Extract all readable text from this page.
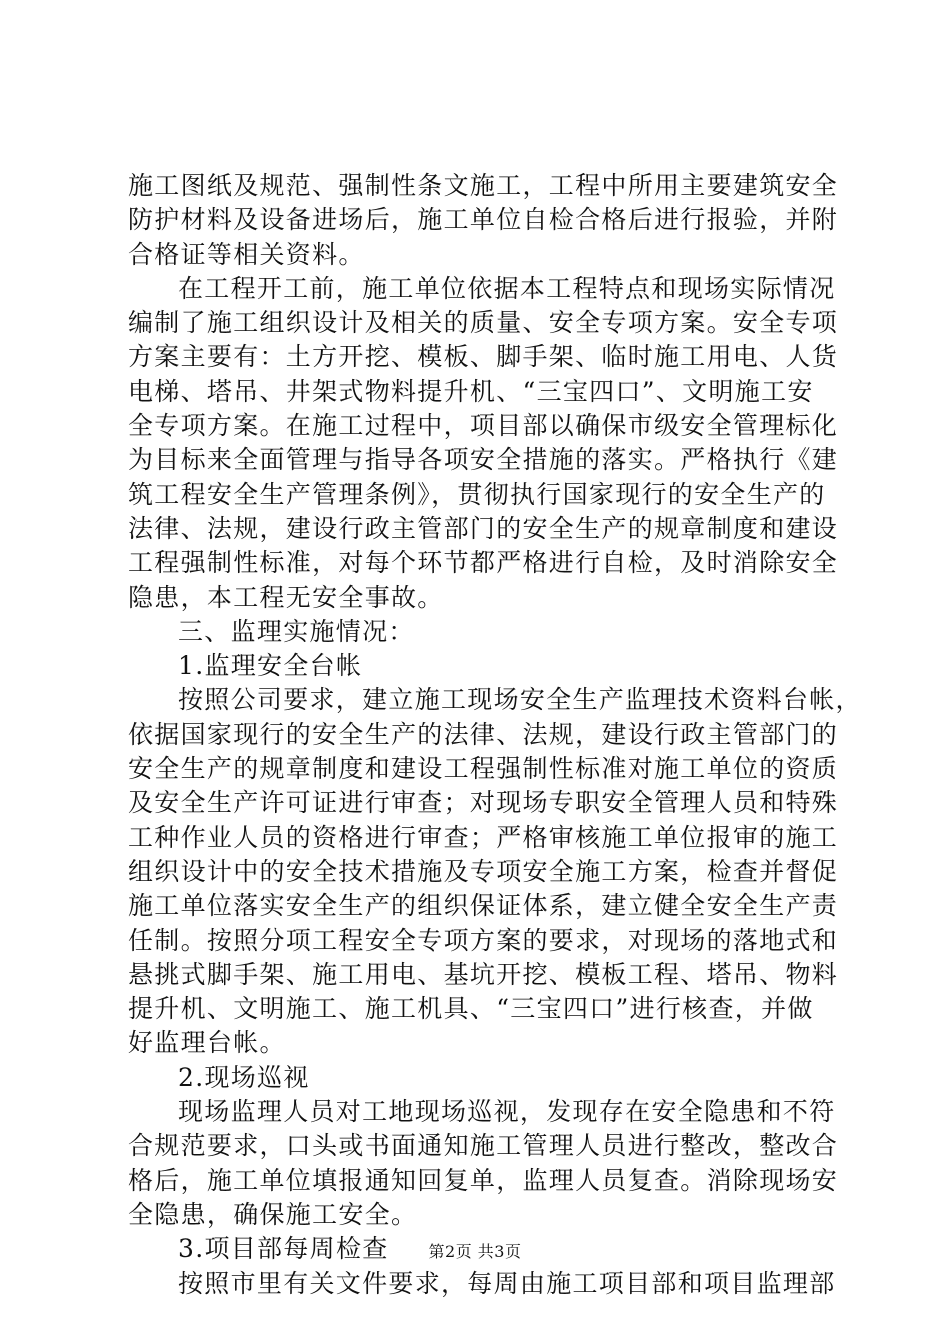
施工图纸及规范、强制性条文施工，工程中所用主要建筑安全
防护材料及设备进场后，施工单位自检合格后进行报验，并附
合格证等相关资料。
在工程开工前，施工单位依据本工程特点和现场实际情况
编制了施工组织设计及相关的质量、安全专项方案。安全专项
方案主要有：土方开挖、模板、脚手架、临时施工用电、人货
电梯、塔吊、井架式物料提升机、“三宝四口”、文明施工安
全专项方案。在施工过程中，项目部以确保市级安全管理标化
为目标来全面管理与指导各项安全措施的落实。严格执行《建
筑工程安全生产管理条例》，贯彻执行国家现行的安全生产的
法律、法规，建设行政主管部门的安全生产的规章制度和建设
工程强制性标准，对每个环节都严格进行自检，及时消除安全
隐患，本工程无安全事故。
三、监理实施情况：
1.监理安全台帐
按照公司要求，建立施工现场安全生产监理技术资料台帐，
依据国家现行的安全生产的法律、法规，建设行政主管部门的
安全生产的规章制度和建设工程强制性标准对施工单位的资质
及安全生产许可证进行审查；对现场专职安全管理人员和特殊
工种作业人员的资格进行审查；严格审核施工单位报审的施工
组织设计中的安全技术措施及专项安全施工方案，检查并督促
施工单位落实安全生产的组织保证体系，建立健全安全生产责
任制。按照分项工程安全专项方案的要求，对现场的落地式和
悬挑式脚手架、施工用电、基坑开挖、模板工程、塔吊、物料
提升机、文明施工、施工机具、“三宝四口”进行核查，并做
好监理台帐。
2.现场巡视
现场监理人员对工地现场巡视，发现存在安全隐患和不符
合规范要求，口头或书面通知施工管理人员进行整改，整改合
格后，施工单位填报通知回复单，监理人员复查。消除现场安
全隐患，确保施工安全。
3.项目部每周检查
按照市里有关文件要求，每周由施工项目部和项目监理部
第2页 共3页
